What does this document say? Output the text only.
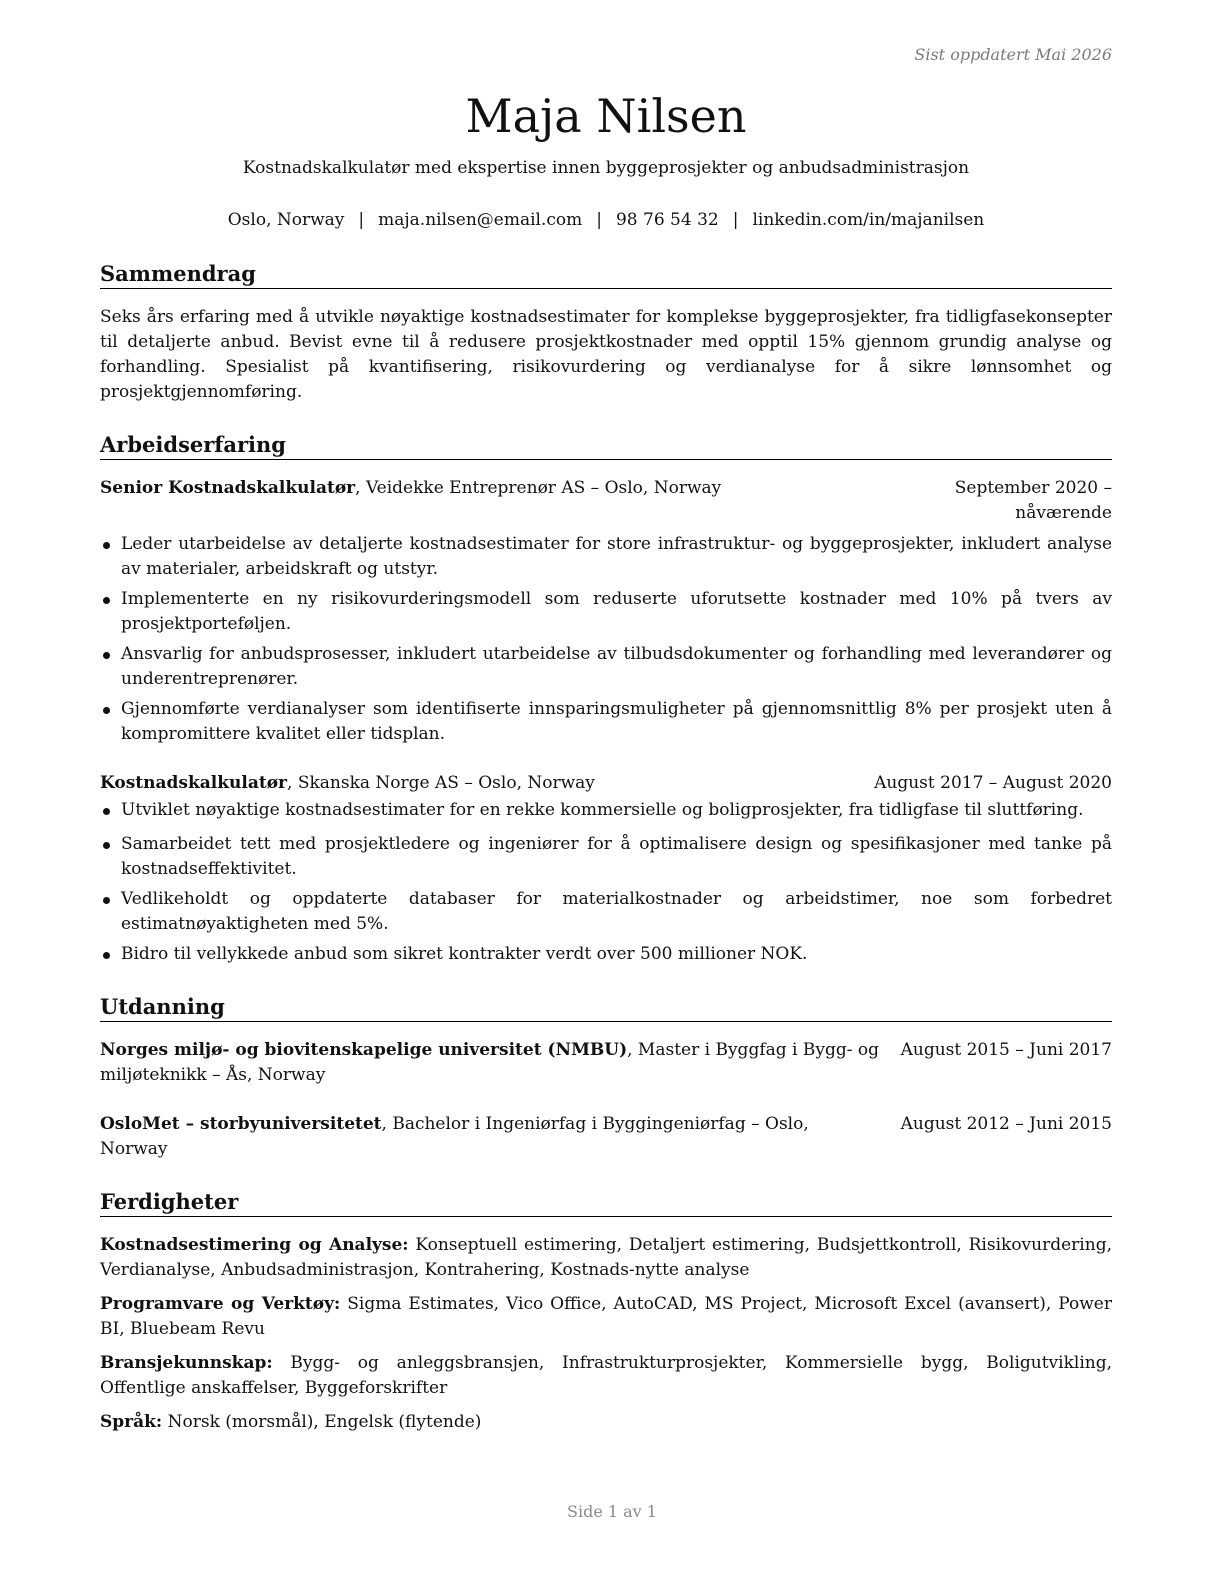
Sist oppdatert Mai 2026
Maja Nilsen
Kostnadskalkulatør med ekspertise innen byggeprosjekter og anbudsadministrasjon
Oslo, Norway | maja.nilsen@email.com | 98 76 54 32 | linkedin.com/in/majanilsen
Sammendrag
Seks års erfaring med å utvikle nøyaktige kostnadsestimater for komplekse byggeprosjekter, fra tidligfasekonsepter til detaljerte anbud. Bevist evne til å redusere prosjektkostnader med opptil 15% gjennom grundig analyse og forhandling. Spesialist på kvantifisering, risikovurdering og verdianalyse for å sikre lønnsomhet og prosjektgjennomføring.
Arbeidserfaring
Senior Kostnadskalkulatør, Veidekke Entreprenør AS – Oslo, Norway	September 2020 – nåværende
Leder utarbeidelse av detaljerte kostnadsestimater for store infrastruktur- og byggeprosjekter, inkludert analyse av materialer, arbeidskraft og utstyr.
Implementerte en ny risikovurderingsmodell som reduserte uforutsette kostnader med 10% på tvers av prosjektporteføljen.
Ansvarlig for anbudsprosesser, inkludert utarbeidelse av tilbudsdokumenter og forhandling med leverandører og underentreprenører.
Gjennomførte verdianalyser som identifiserte innsparingsmuligheter på gjennomsnittlig 8% per prosjekt uten å kompromittere kvalitet eller tidsplan.
Kostnadskalkulatør, Skanska Norge AS – Oslo, Norway	August 2017 – August 2020
Utviklet nøyaktige kostnadsestimater for en rekke kommersielle og boligprosjekter, fra tidligfase til sluttføring.
Samarbeidet tett med prosjektledere og ingeniører for å optimalisere design og spesifikasjoner med tanke på kostnadseffektivitet.
Vedlikeholdt og oppdaterte databaser for materialkostnader og arbeidstimer, noe som forbedret estimatnøyaktigheten med 5%.
Bidro til vellykkede anbud som sikret kontrakter verdt over 500 millioner NOK.
Utdanning
Norges miljø- og biovitenskapelige universitet (NMBU), Master i Byggfag i Bygg- og miljøteknikk – Ås, Norway
August 2015 – Juni 2017
OsloMet – storbyuniversitetet, Bachelor i Ingeniørfag i Byggingeniørfag – Oslo, Norway
August 2012 – Juni 2015
Ferdigheter
Kostnadsestimering og Analyse: Konseptuell estimering, Detaljert estimering, Budsjettkontroll, Risikovurdering, Verdianalyse, Anbudsadministrasjon, Kontrahering, Kostnads-nytte analyse
Programvare og Verktøy: Sigma Estimates, Vico Office, AutoCAD, MS Project, Microsoft Excel (avansert), Power BI, Bluebeam Revu
Bransjekunnskap: Bygg- og anleggsbransjen, Infrastrukturprosjekter, Kommersielle bygg, Boligutvikling, Offentlige anskaffelser, Byggeforskrifter
Språk: Norsk (morsmål), Engelsk (flytende)
Side 1 av 1
